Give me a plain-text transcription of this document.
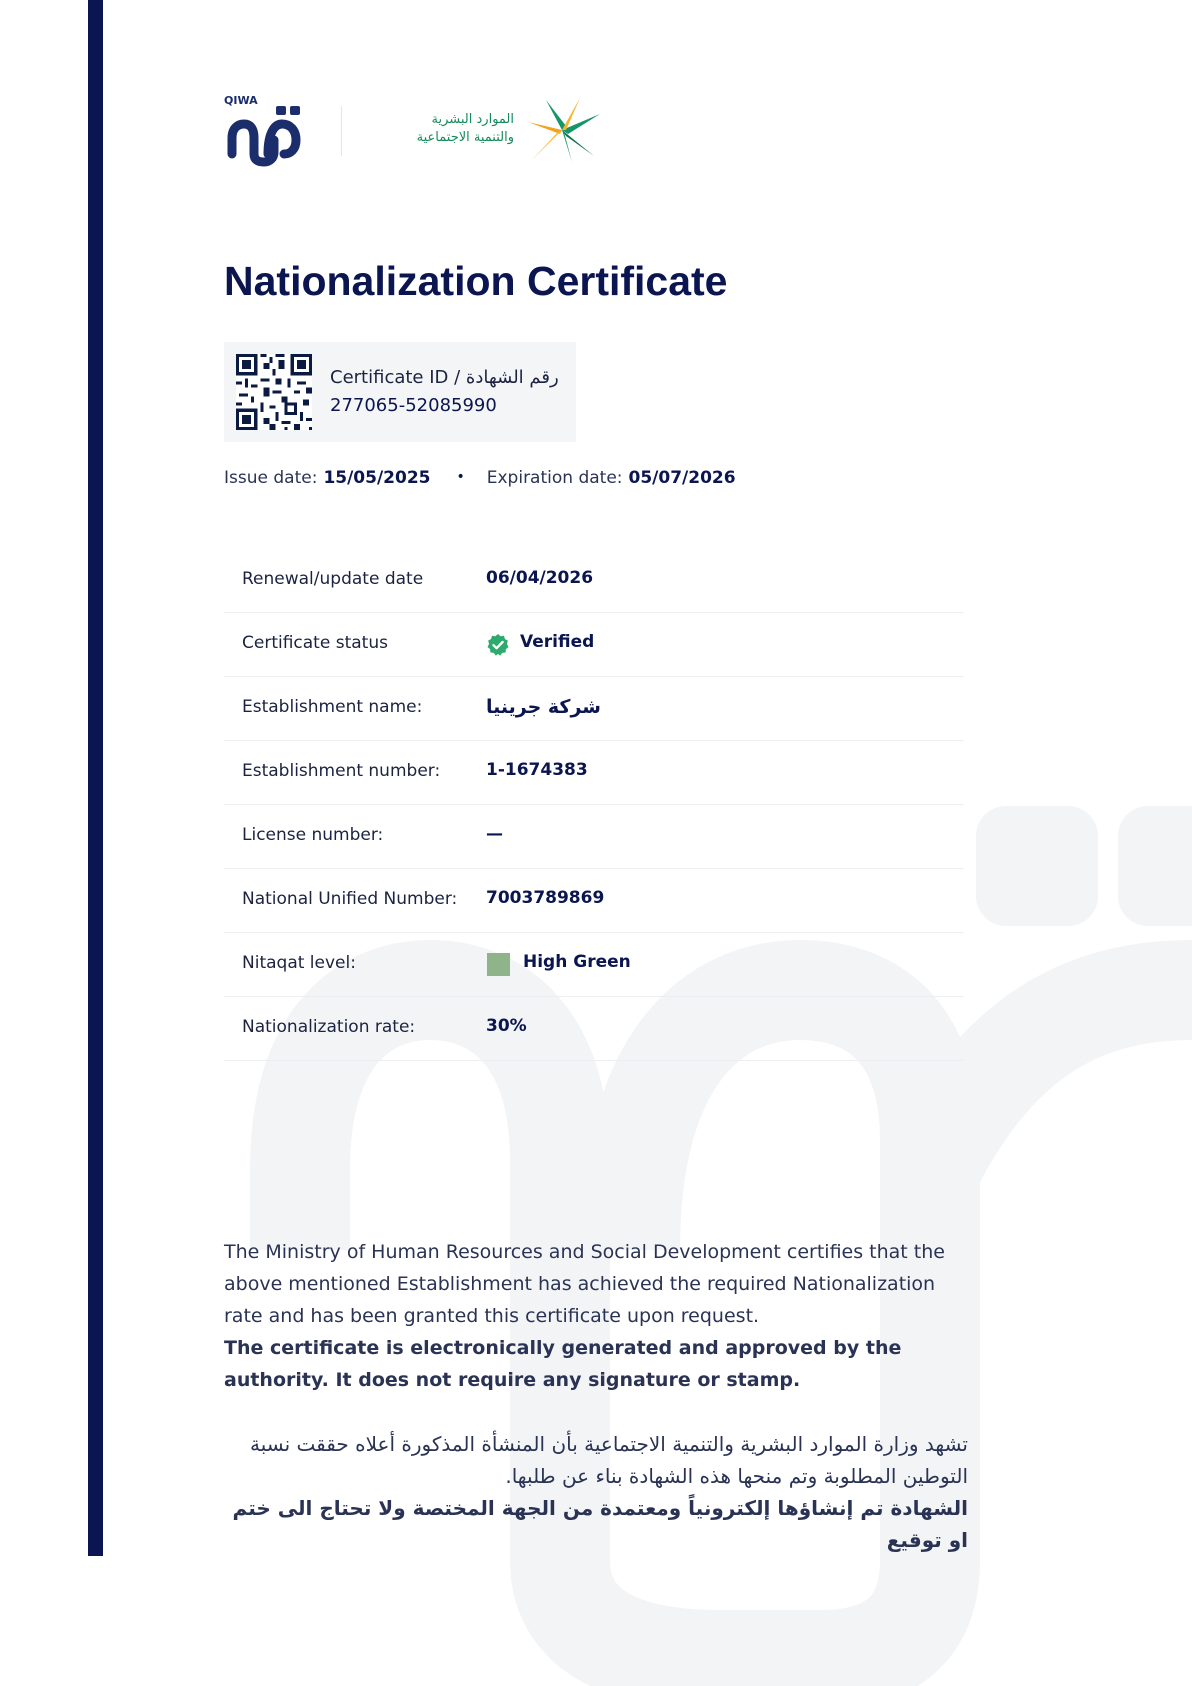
QIWA
الموارد البشرية
والتنمية الاجتماعية
Nationalization Certificate
Certificate ID / رقم الشهادة
277065-52085990
Issue date: 15/05/2025 • Expiration date: 05/07/2026
Renewal/update date	06/04/2026
Certificate status	Verified
Establishment name:	شركة جرينيا
Establishment number:	1-1674383
License number:	—
National Unified Number: 7003789869
Nitaqat level:	High Green
Nationalization rate:	30%
The Ministry of Human Resources and Social Development certifies that the above mentioned Establishment has achieved the required Nationalization rate and has been granted this certificate upon request.
The certificate is electronically generated and approved by the authority. It does not require any signature or stamp.
تشهد وزارة الموارد البشرية والتنمية الاجتماعية بأن المنشأة المذكورة أعلاه حققت نسبة التوطين المطلوبة وتم منحها هذه الشهادة بناء عن طلبها.
الشهادة تم إنشاؤها إلكترونياً ومعتمدة من الجهة المختصة ولا تحتاج الى ختم او توقيع
